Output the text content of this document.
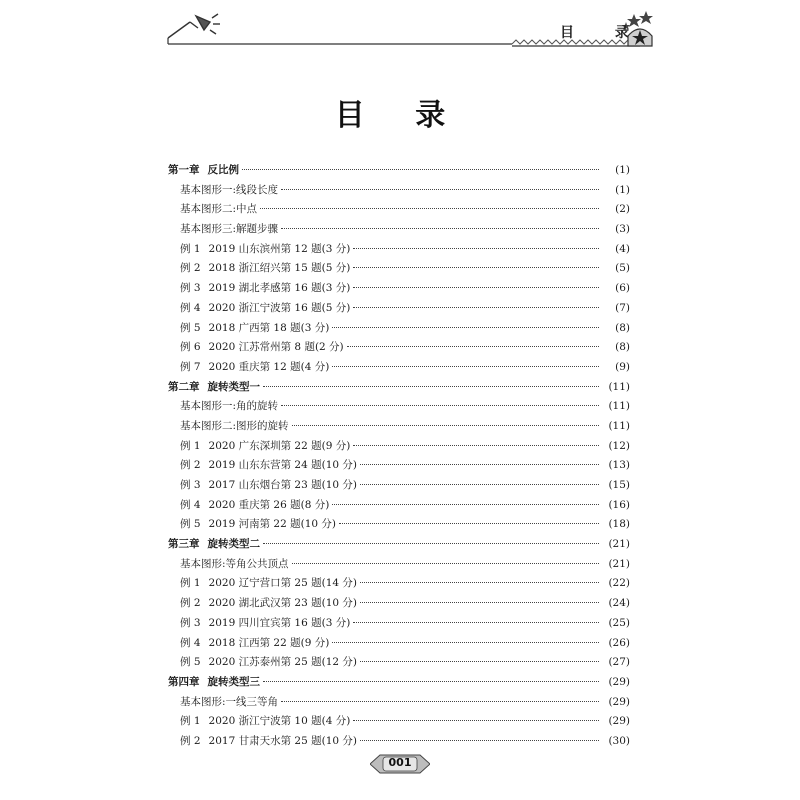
目 录
目 录
第一章 反比例	(1)
基本图形一:线段长度	(1)
基本图形二:中点	(2)
基本图形三:解题步骤	(3)
例 1 2019 山东滨州第 12 题(3 分)	(4)
例 2 2018 浙江绍兴第 15 题(5 分)	(5)
例 3 2019 湖北孝感第 16 题(3 分)	(6)
例 4 2020 浙江宁波第 16 题(5 分)	(7)
例 5 2018 广西第 18 题(3 分)	(8)
例 6 2020 江苏常州第 8 题(2 分)	(8)
例 7 2020 重庆第 12 题(4 分)	(9)
第二章 旋转类型一	(11)
基本图形一:角的旋转	(11)
基本图形二:图形的旋转	(11)
例 1 2020 广东深圳第 22 题(9 分)	(12)
例 2 2019 山东东营第 24 题(10 分)	(13)
例 3 2017 山东烟台第 23 题(10 分)	(15)
例 4 2020 重庆第 26 题(8 分)	(16)
例 5 2019 河南第 22 题(10 分)	(18)
第三章 旋转类型二	(21)
基本图形:等角公共顶点	(21)
例 1 2020 辽宁营口第 25 题(14 分)	(22)
例 2 2020 湖北武汉第 23 题(10 分)	(24)
例 3 2019 四川宜宾第 16 题(3 分)	(25)
例 4 2018 江西第 22 题(9 分)	(26)
例 5 2020 江苏泰州第 25 题(12 分)	(27)
第四章 旋转类型三	(29)
基本图形:一线三等角	(29)
例 1 2020 浙江宁波第 10 题(4 分)	(29)
例 2 2017 甘肃天水第 25 题(10 分)	(30)
001
